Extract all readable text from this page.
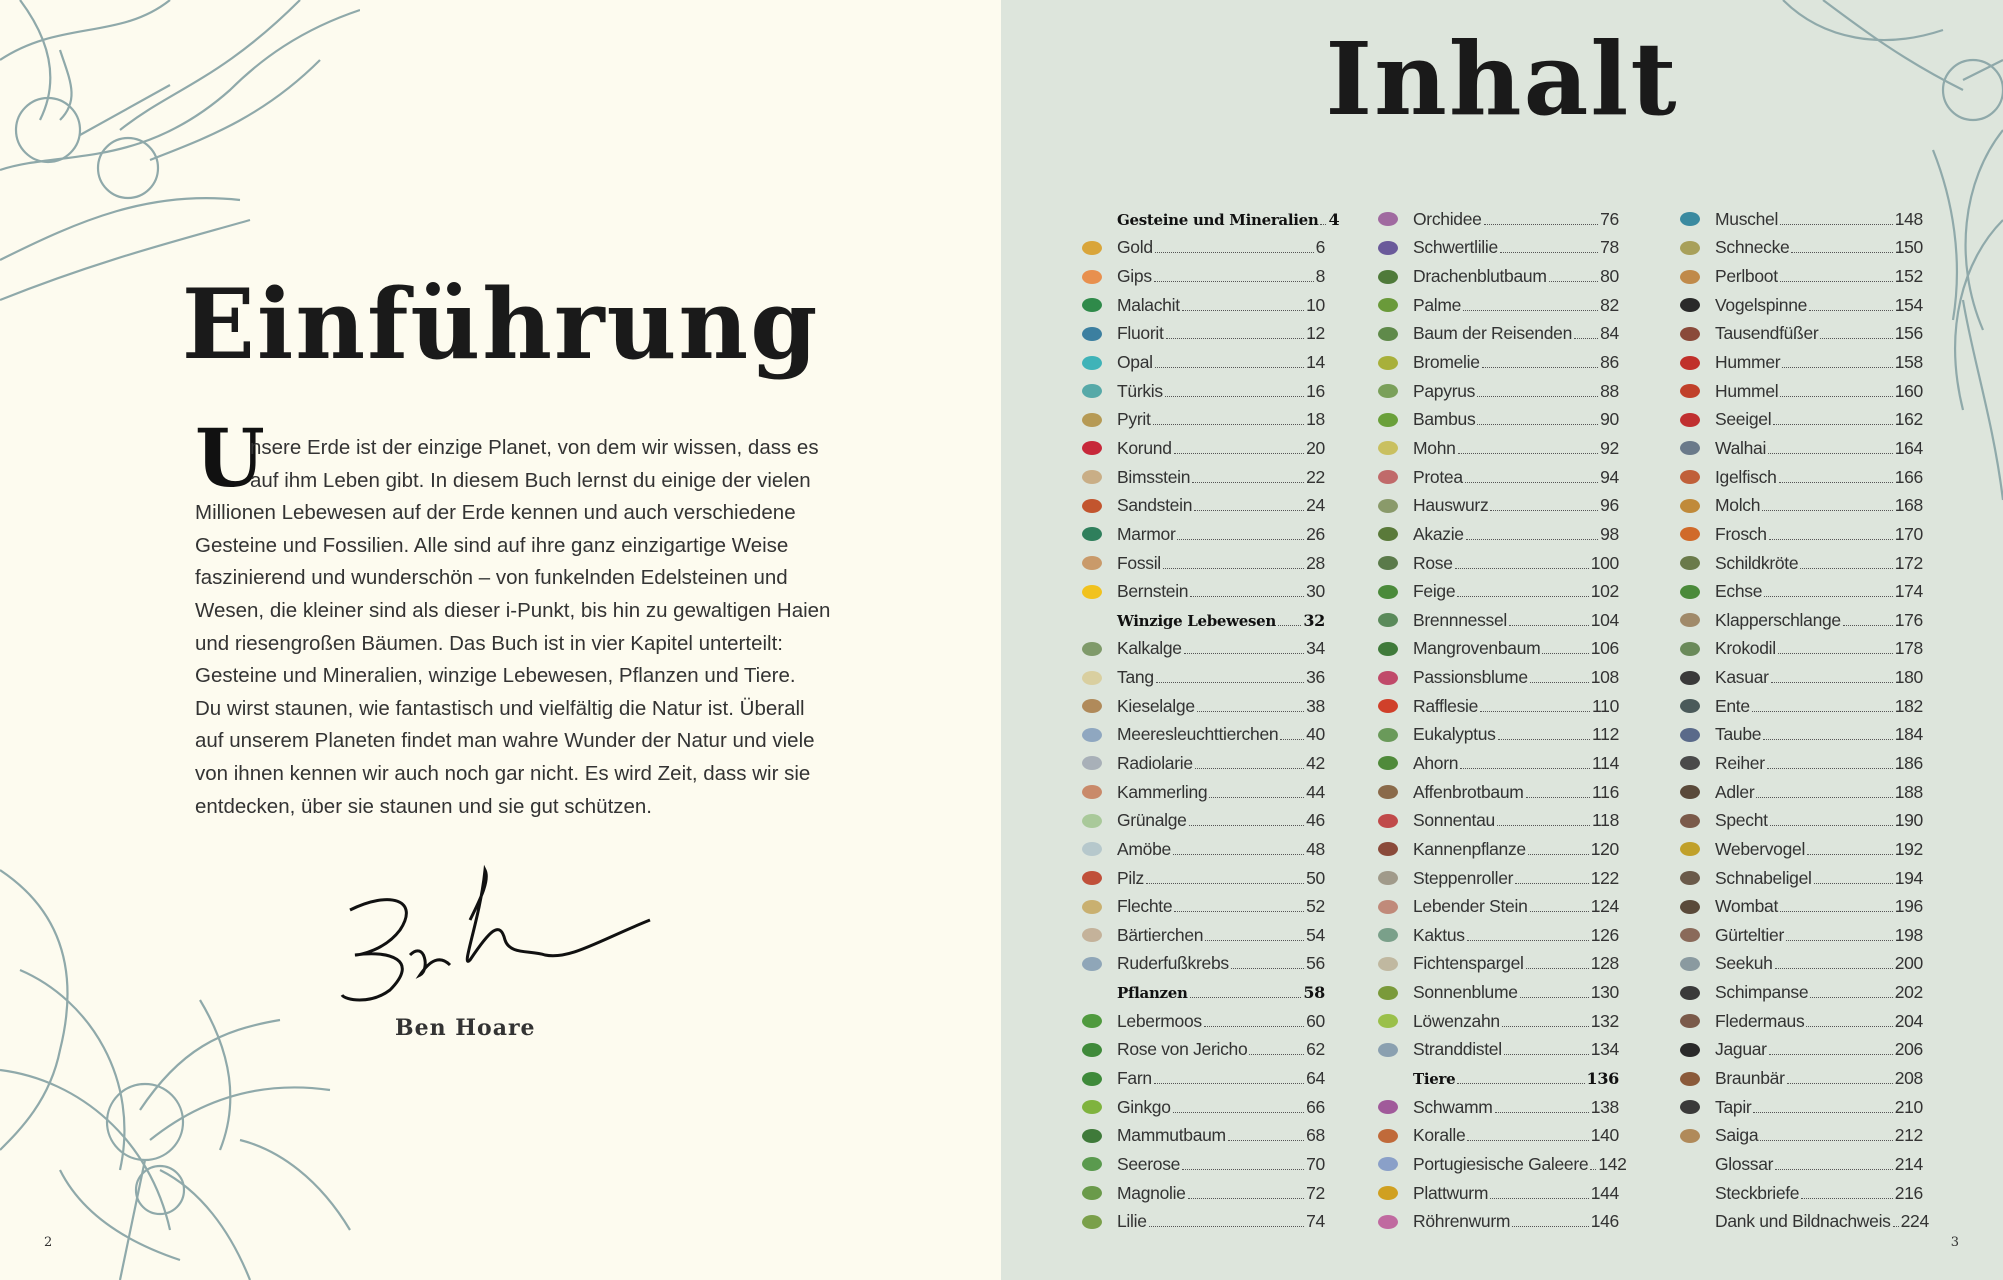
Einführung
U
nsere Erde ist der einzige Planet, von dem wir wissen, dass es
auf ihm Leben gibt. In diesem Buch lernst du einige der vielen
Millionen Lebewesen auf der Erde kennen und auch verschiedene
Gesteine und Fossilien. Alle sind auf ihre ganz einzigartige Weise
faszinierend und wunderschön – von funkelnden Edelsteinen und
Wesen, die kleiner sind als dieser i-Punkt, bis hin zu gewaltigen Haien
und riesengroßen Bäumen. Das Buch ist in vier Kapitel unterteilt:
Gesteine und Mineralien, winzige Lebewesen, Pflanzen und Tiere.
Du wirst staunen, wie fantastisch und vielfältig die Natur ist. Überall
auf unserem Planeten findet man wahre Wunder der Natur und viele
von ihnen kennen wir auch noch gar nicht. Es wird Zeit, dass wir sie
entdecken, über sie staunen und sie gut schützen.
Ben Hoare
2
Inhalt
Gesteine und Mineralien 4
Gold	6
Gips	8
Malachit	10
Fluorit	12
Opal	14
Türkis	16
Pyrit	18
Korund	20
Bimsstein	22
Sandstein	24
Marmor	26
Fossil	28
Bernstein	30
Winzige Lebewesen 32
Kalkalge	34
Tang	36
Kieselalge	38
Meeresleuchttierchen 40
Radiolarie	42
Kammerling	44
Grünalge	46
Amöbe	48
Pilz	50
Flechte	52
Bärtierchen	54
Ruderfußkrebs	56
Pflanzen	58
Lebermoos	60
Rose von Jericho	62
Farn	64
Ginkgo	66
Mammutbaum	68
Seerose	70
Magnolie	72
Lilie	74
Orchidee	76
Schwertlilie	78
Drachenblutbaum	80
Palme	82
Baum der Reisenden 84
Bromelie	86
Papyrus	88
Bambus	90
Mohn	92
Protea	94
Hauswurz	96
Akazie	98
Rose	100
Feige	102
Brennnessel	104
Mangrovenbaum	106
Passionsblume	108
Rafflesie	110
Eukalyptus	112
Ahorn	114
Affenbrotbaum	116
Sonnentau	118
Kannenpflanze	120
Steppenroller	122
Lebender Stein	124
Kaktus	126
Fichtenspargel	128
Sonnenblume	130
Löwenzahn	132
Stranddistel	134
Tiere	136
Schwamm	138
Koralle	140
Portugiesische Galeere 142
Plattwurm	144
Röhrenwurm	146
Muschel	148
Schnecke	150
Perlboot	152
Vogelspinne	154
Tausendfüßer	156
Hummer	158
Hummel	160
Seeigel	162
Walhai	164
Igelfisch	166
Molch	168
Frosch	170
Schildkröte	172
Echse	174
Klapperschlange	176
Krokodil	178
Kasuar	180
Ente	182
Taube	184
Reiher	186
Adler	188
Specht	190
Webervogel	192
Schnabeligel	194
Wombat	196
Gürteltier	198
Seekuh	200
Schimpanse	202
Fledermaus	204
Jaguar	206
Braunbär	208
Tapir	210
Saiga	212
Glossar	214
Steckbriefe	216
Dank und Bildnachweis 224
3
